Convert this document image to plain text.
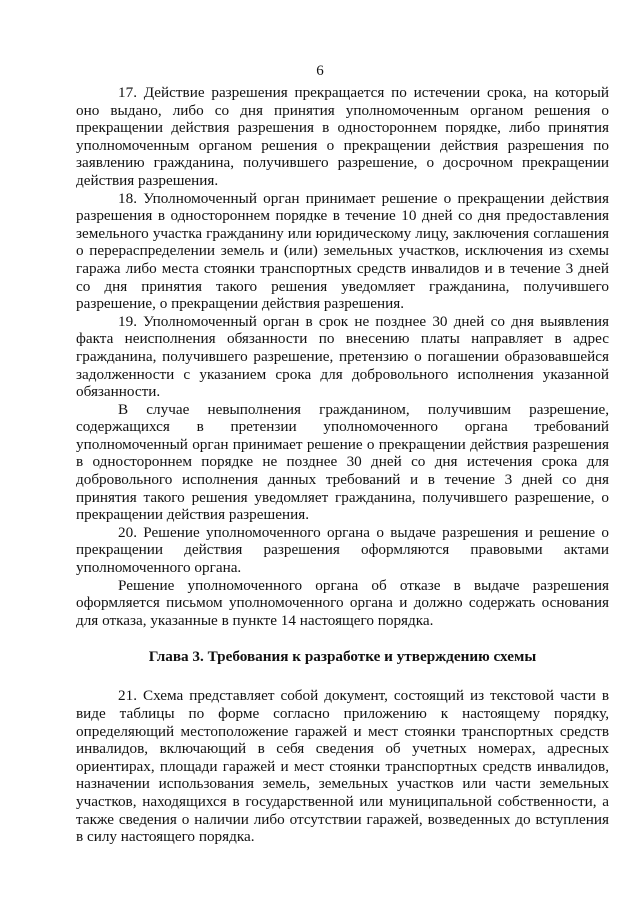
6

17. Действие разрешения прекращается по истечении срока, на который оно выдано, либо со дня принятия уполномоченным органом решения о прекращении действия разрешения в одностороннем порядке, либо принятия уполномоченным органом решения о прекращении действия разрешения по заявлению гражданина, получившего разрешение, о досрочном прекращении действия разрешения.

18. Уполномоченный орган принимает решение о прекращении действия разрешения в одностороннем порядке в течение 10 дней со дня предоставления земельного участка гражданину или юридическому лицу, заключения соглашения о перераспределении земель и (или) земельных участков, исключения из схемы гаража либо места стоянки транспортных средств инвалидов и в течение 3 дней со дня принятия такого решения уведомляет гражданина, получившего разрешение, о прекращении действия разрешения.

19. Уполномоченный орган в срок не позднее 30 дней со дня выявления факта неисполнения обязанности по внесению платы направляет в адрес гражданина, получившего разрешение, претензию о погашении образовавшейся задолженности с указанием срока для добровольного исполнения указанной обязанности.

В случае невыполнения гражданином, получившим разрешение, содержащихся в претензии уполномоченного органа требований уполномоченный орган принимает решение о прекращении действия разрешения в одностороннем порядке не позднее 30 дней со дня истечения срока для добровольного исполнения данных требований и в течение 3 дней со дня принятия такого решения уведомляет гражданина, получившего разрешение, о прекращении действия разрешения.

20. Решение уполномоченного органа о выдаче разрешения и решение о прекращении действия разрешения оформляются правовыми актами уполномоченного органа.

Решение уполномоченного органа об отказе в выдаче разрешения оформляется письмом уполномоченного органа и должно содержать основания для отказа, указанные в пункте 14 настоящего порядка.

Глава 3. Требования к разработке и утверждению схемы

21. Схема представляет собой документ, состоящий из текстовой части в виде таблицы по форме согласно приложению к настоящему порядку, определяющий местоположение гаражей и мест стоянки транспортных средств инвалидов, включающий в себя сведения об учетных номерах, адресных ориентирах, площади гаражей и мест стоянки транспортных средств инвалидов, назначении использования земель, земельных участков или части земельных участков, находящихся в государственной или муниципальной собственности, а также сведения о наличии либо отсутствии гаражей, возведенных до вступления в силу настоящего порядка.
